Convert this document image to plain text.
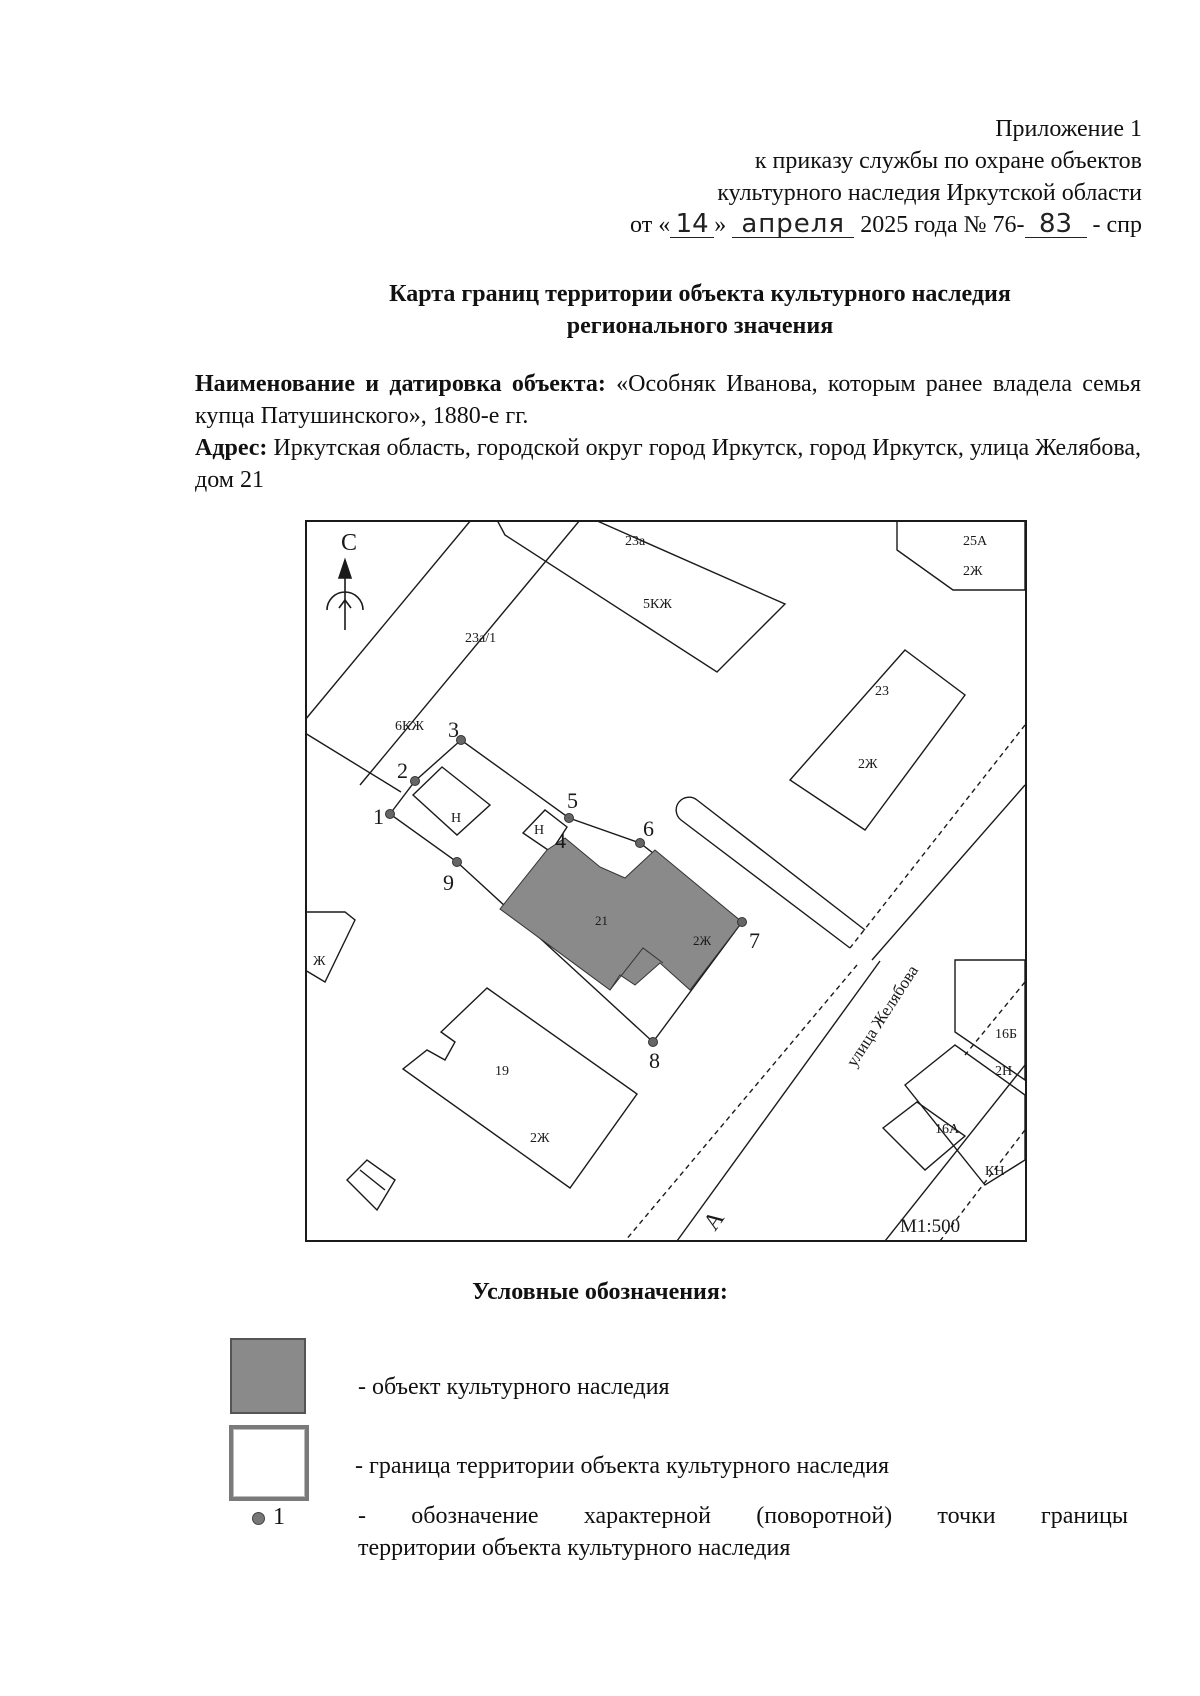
Приложение 1
к приказу службы по охране объектов
культурного наследия Иркутской области
от « 14 » апреля 2025 года № 76- 83 - спр
Карта границ территории объекта культурного наследия
регионального значения

Наименование и датировка объекта: «Особняк Иванова, которым ранее владела семья купца Патушинского», 1880-е гг.

Адрес: Иркутская область, городской округ город Иркутск, город Иркутск, улица Желябова, дом 21

С	23а
5КЖ
25А
2Ж
23а/1
6КЖ
23
2Ж
Н
Н
21
2Ж
Ж
19
2Ж
16Б
2Н
16А
КН
улица Желябова
А	М1:500
1
2
3
4
5
6
7
8
9
Условные обозначения:
- объект культурного наследия
- граница территории объекта культурного наследия
1	- обозначение характерной (поворотной) точки границы
территории объекта культурного наследия
